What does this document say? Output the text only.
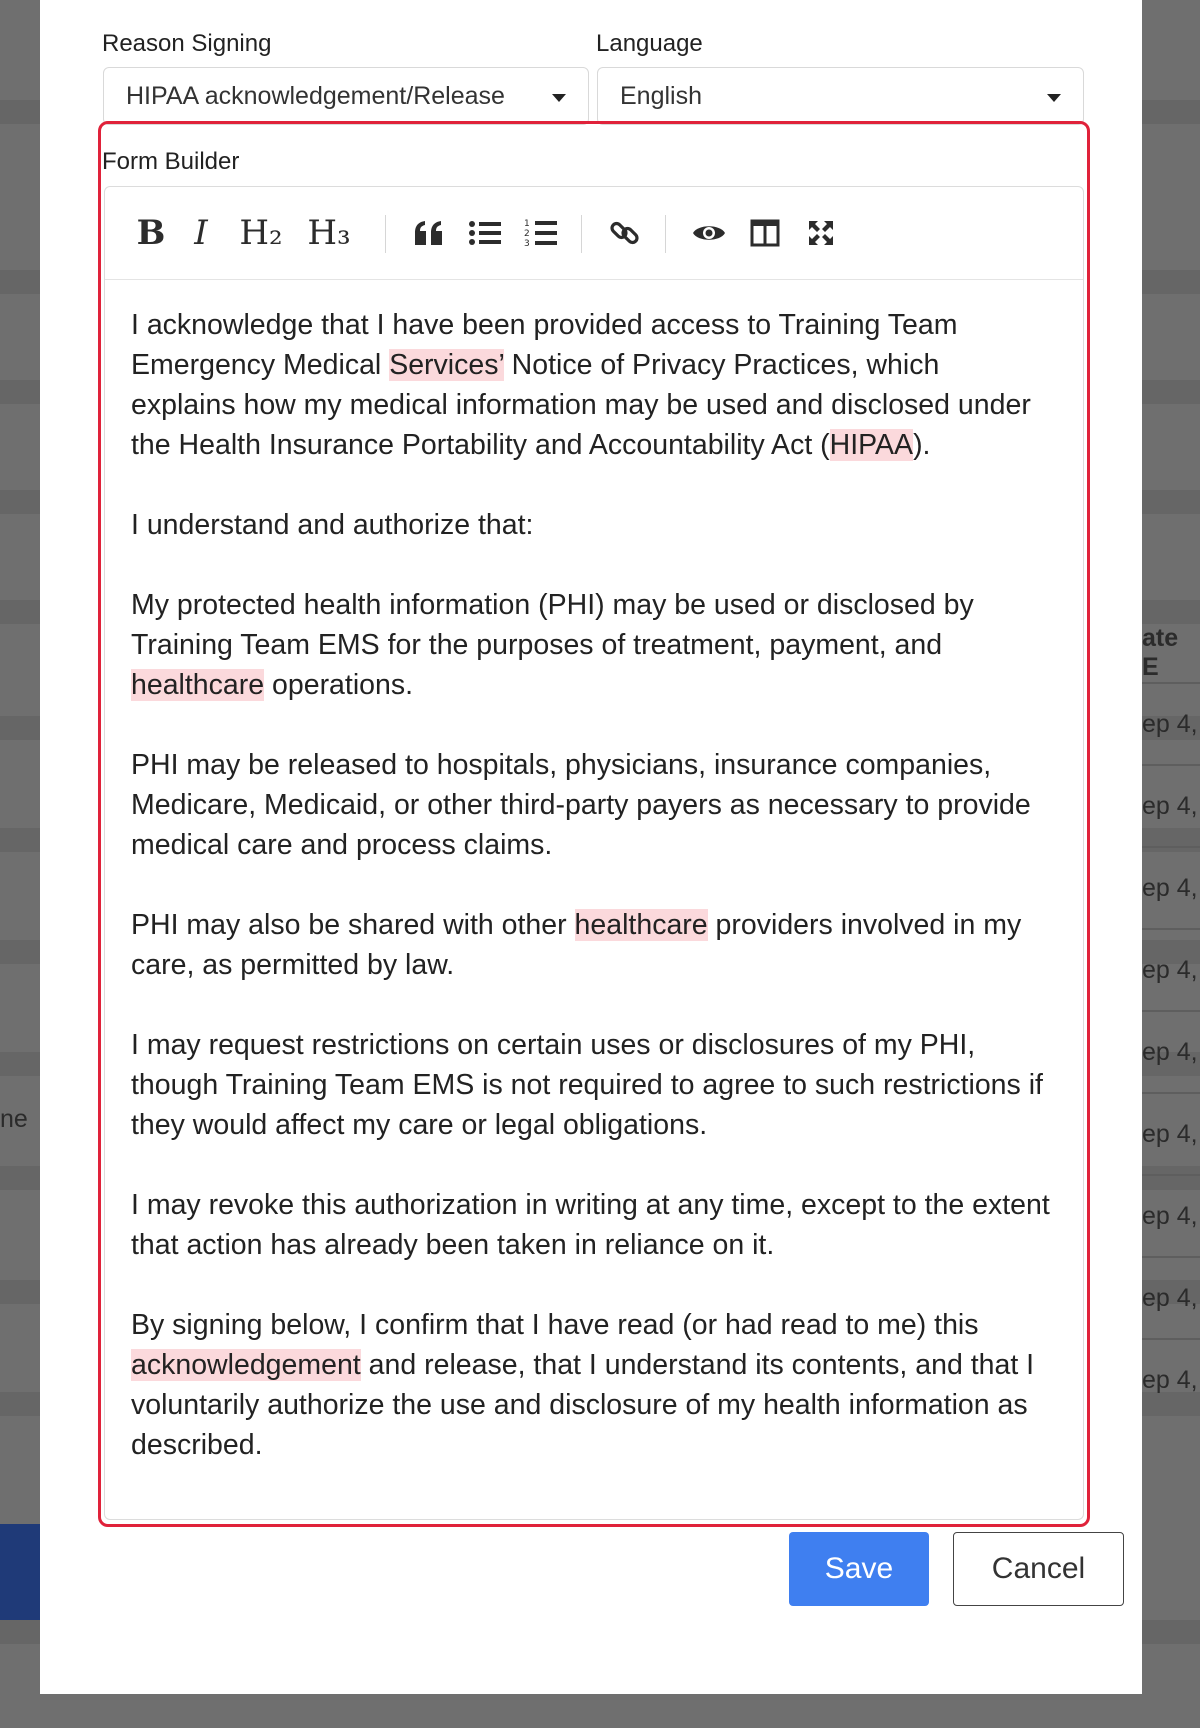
ne
ate E
ep 4,
ep 4,
ep 4,
ep 4,
ep 4,
ep 4,
ep 4,
ep 4,
ep 4,
Reason Signing
HIPAA acknowledgement/Release
Language
English
Form Builder
B I H₂ H₃	1
2
3

I acknowledge that I have been provided access to Training Team Emergency Medical Services’ Notice of Privacy Practices, which explains how my medical information may be used and disclosed under the Health Insurance Portability and Accountability Act (HIPAA).

I understand and authorize that:

My protected health information (PHI) may be used or disclosed by Training Team EMS for the purposes of treatment, payment, and healthcare operations.

PHI may be released to hospitals, physicians, insurance companies, Medicare, Medicaid, or other third-party payers as necessary to provide medical care and process claims.

PHI may also be shared with other healthcare providers involved in my care, as permitted by law.

I may request restrictions on certain uses or disclosures of my PHI, though Training Team EMS is not required to agree to such restrictions if they would affect my care or legal obligations.

I may revoke this authorization in writing at any time, except to the extent that action has already been taken in reliance on it.

By signing below, I confirm that I have read (or had read to me) this acknowledgement and release, that I understand its contents, and that I voluntarily authorize the use and disclosure of my health information as described.

Save	Cancel
